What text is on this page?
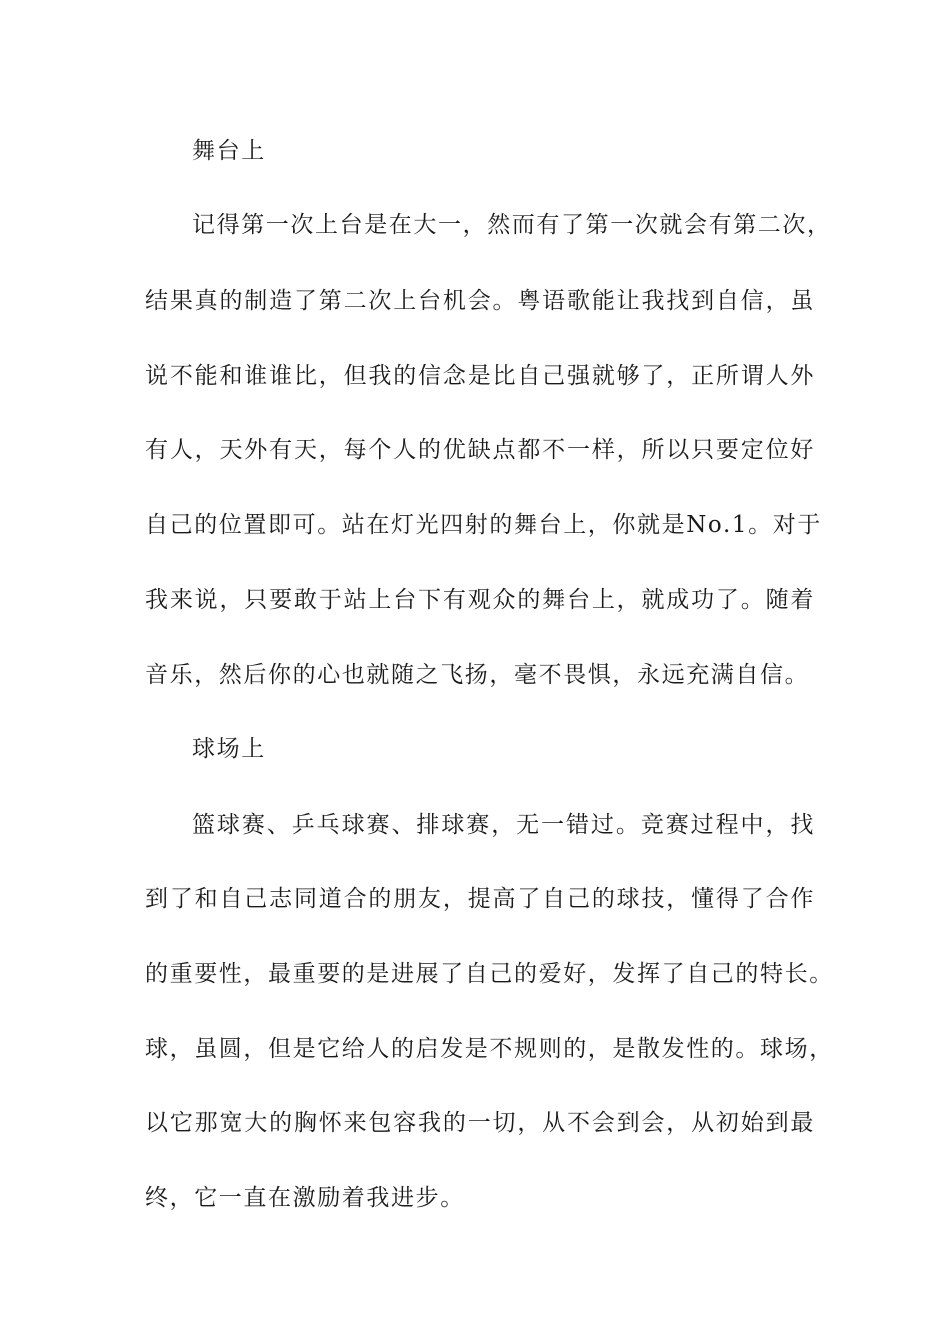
舞台上
记得第一次上台是在大一，然而有了第一次就会有第二次，
结果真的制造了第二次上台机会。粤语歌能让我找到自信，虽
说不能和谁谁比，但我的信念是比自己强就够了，正所谓人外
有人，天外有天，每个人的优缺点都不一样，所以只要定位好
自己的位置即可。站在灯光四射的舞台上，你就是No.1。对于
我来说，只要敢于站上台下有观众的舞台上，就成功了。随着
音乐，然后你的心也就随之飞扬，毫不畏惧，永远充满自信。
球场上
篮球赛、乒乓球赛、排球赛，无一错过。竞赛过程中，找
到了和自己志同道合的朋友，提高了自己的球技，懂得了合作
的重要性，最重要的是进展了自己的爱好，发挥了自己的特长。
球，虽圆，但是它给人的启发是不规则的，是散发性的。球场，
以它那宽大的胸怀来包容我的一切，从不会到会，从初始到最
终，它一直在激励着我进步。
